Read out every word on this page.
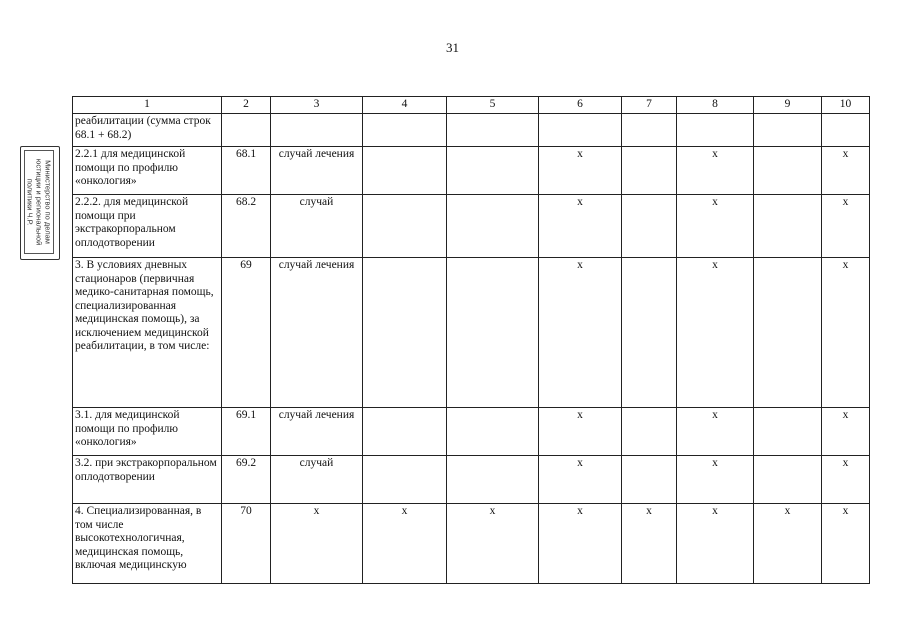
31
Министерство по делам
юстиции и региональной
политики Ч.Р.
1	2	3	4	5	6	7	8	9	10
реабилитации (сумма строк 68.1 + 68.2)									
2.2.1 для медицинской помощи по профилю «онкология»	68.1	случай лечения			х		х		х
2.2.2. для медицинской помощи при экстракорпоральном оплодотворении	68.2	случай			х		х		х
3. В условиях дневных стационаров (первичная медико-санитарная помощь, специализированная медицинская помощь), за исключением медицинской реабилитации, в том числе:	69	случай лечения			х		х		х
3.1. для медицинской помощи по профилю «онкология»	69.1	случай лечения			х		х		х
3.2. при экстракорпоральном оплодотворении	69.2	случай			х		х		х
4. Специализированная, в том числе высокотехнологичная, медицинская помощь, включая медицинскую	70	х	х	х	х	х	х	х	х
